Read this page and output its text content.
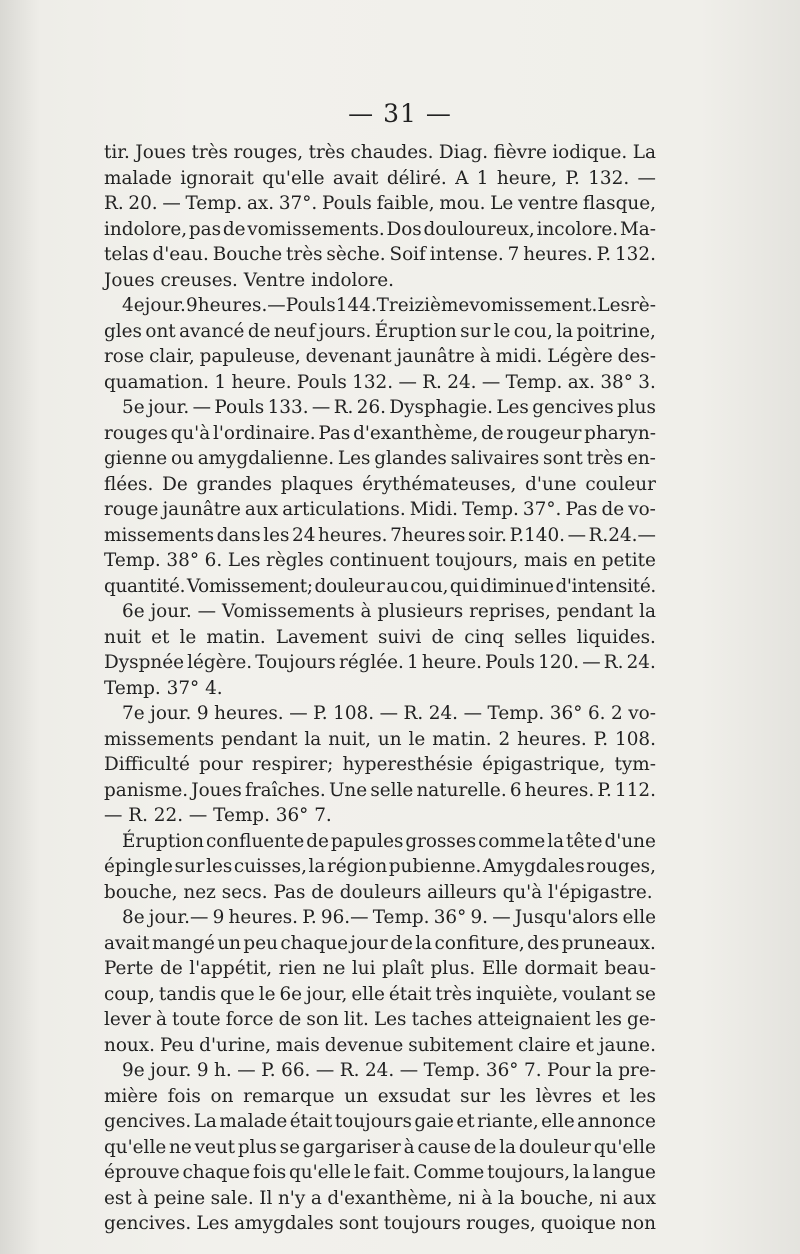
— 31 —
tir. Joues très rouges, très chaudes. Diag. fièvre iodique. La
malade ignorait qu'elle avait déliré. A 1 heure, P. 132. —
R. 20. — Temp. ax. 37°. Pouls faible, mou. Le ventre flasque,
indolore, pas de vomissements. Dos douloureux, incolore. Ma-
telas d'eau. Bouche très sèche. Soif intense. 7 heures. P. 132.
Joues creuses. Ventre indolore.
4e jour. 9 heures.— Pouls 144.Treizième vomissement. Les rè-
gles ont avancé de neuf jours. Éruption sur le cou, la poitrine,
rose clair, papuleuse, devenant jaunâtre à midi. Légère des-
quamation. 1 heure. Pouls 132. — R. 24. — Temp. ax. 38° 3.
5e jour. — Pouls 133. — R. 26. Dysphagie. Les gencives plus
rouges qu'à l'ordinaire. Pas d'exanthème, de rougeur pharyn-
gienne ou amygdalienne. Les glandes salivaires sont très en-
flées. De grandes plaques érythémateuses, d'une couleur
rouge jaunâtre aux articulations. Midi. Temp. 37°. Pas de vo-
missements dans les 24 heures. 7heures soir. P.140. — R.24.—
Temp. 38° 6. Les règles continuent toujours, mais en petite
quantité. Vomissement; douleur au cou, qui diminue d'intensité.
6e jour. — Vomissements à plusieurs reprises, pendant la
nuit et le matin. Lavement suivi de cinq selles liquides.
Dyspnée légère. Toujours réglée. 1 heure. Pouls 120. — R. 24.
Temp. 37° 4.
7e jour. 9 heures. — P. 108. — R. 24. — Temp. 36° 6. 2 vo-
missements pendant la nuit, un le matin. 2 heures. P. 108.
Difficulté pour respirer; hyperesthésie épigastrique, tym-
panisme. Joues fraîches. Une selle naturelle. 6 heures. P. 112.
— R. 22. — Temp. 36° 7.
Éruption confluente de papules grosses comme la tête d'une
épingle sur les cuisses, la région pubienne. Amygdales rouges,
bouche, nez secs. Pas de douleurs ailleurs qu'à l'épigastre.
8e jour.— 9 heures. P. 96.— Temp. 36° 9. — Jusqu'alors elle
avait mangé un peu chaque jour de la confiture, des pruneaux.
Perte de l'appétit, rien ne lui plaît plus. Elle dormait beau-
coup, tandis que le 6e jour, elle était très inquiète, voulant se
lever à toute force de son lit. Les taches atteignaient les ge-
noux. Peu d'urine, mais devenue subitement claire et jaune.
9e jour. 9 h. — P. 66. — R. 24. — Temp. 36° 7. Pour la pre-
mière fois on remarque un exsudat sur les lèvres et les
gencives. La malade était toujours gaie et riante, elle annonce
qu'elle ne veut plus se gargariser à cause de la douleur qu'elle
éprouve chaque fois qu'elle le fait. Comme toujours, la langue
est à peine sale. Il n'y a d'exanthème, ni à la bouche, ni aux
gencives. Les amygdales sont toujours rouges, quoique non
